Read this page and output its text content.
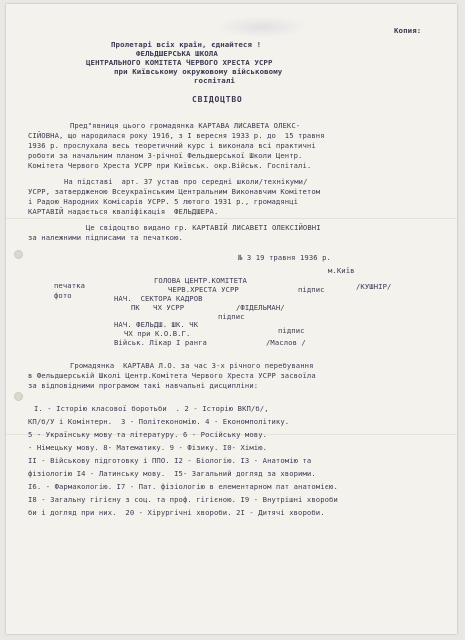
Копия:
Пролетарі всіх країн, єднайтеся !
ФЕЛЬДШЕРСЬКА ШКОЛА
ЦЕНТРАЛЬНОГО КОМІТЕТА ЧЕРВОГО ХРЕСТА УСРР
при Київському окружовому військовому
госпіталі
СВІДОЦТВО
Пред"явниця цього громадянка КАРТАВА ЛИСАВЕТА ОЛЕКС-
СІЙОВНА, що народилася року 1916, з І вересня 1933 р. до  15 травня
1936 р. прослухала весь теоретичний курс і виконала всі практичні
роботи за начальним планом 3-річної Фельдшерської Школи Центр.
Комітета Червого Хреста УСРР при Київськ. окр.Військ. Госпіталі.
На підставі  арт. 37 устав про середні школи/технікуми/
УСРР, затвердженою Всеукраїнським Центральним Виконавчим Комітетом
і Радою Народних Комісарів УСРР. 5 лютого 1931 р., громадянці
КАРТАВІЙ надається кваліфікація  ФЕЛЬДШЕРА.
Це свідоцтво видано гр. КАРТАВІЙ ЛИСАВЕТІ ОЛЕКСІЙОВНІ
за належними підписами та печаткою.
№ 3 19 травня 1936 р.
м.Київ
печатка
фото
ГОЛОВА ЦЕНТР.КОМІТЕТА
ЧЕРВ.ХРЕСТА УСРР	підпис	/КУШНІР/
НАЧ.  СЕКТОРА КАДРОВ
ПК   ЧХ УСРР	/ФІДЕЛЬМАН/
підпис
НАЧ. ФЕЛЬДШ. ШК. ЧК
ЧХ при К.О.В.Г.	підпис
Військ. Лікар І ранга	/Маслов /
Громадянка  КАРТАВА Л.О. за час 3-х річного перебування
в Фельдшерській Школі Центр.Комітета Червого Хреста УСРР засвоїла
за відповідними програмом такі навчальні дисципліни:
І. - Історію класової боротьби  . 2 - Історію ВКП/б/,
КП/б/У і Комінтерн.  3 - Політекономію. 4 - Економполітику.
5 - Українську мову та літературу. 6 - Російську мову.
- Німецьку мову. 8- Математику. 9 - Фізику. І0- Хімію.
ІІ - Військову підготовку і ППО. І2 - Біологію. ІЗ - Анатомію та
фізіологію І4 - Латинську мову.  І5- Загальний догляд за хворими.
І6. - Фармакологію. І7 - Пат. фізіологію в елементарном пат анатомією.
І8 - Загальну гігієну з соц. та проф. гігієною. І9 - Внутрішні хвороби
би і догляд при них.  20 - Хірургічні хвороби. 2І - Дитячі хвороби.
